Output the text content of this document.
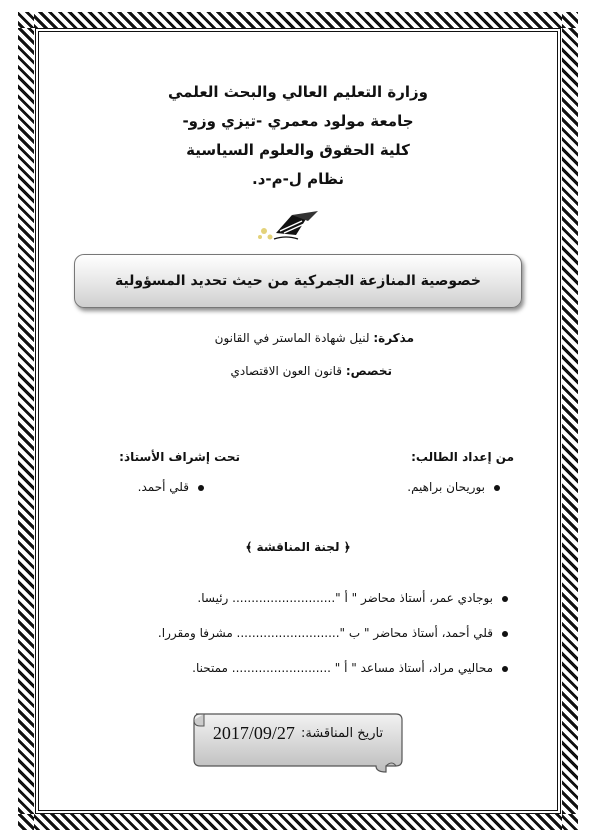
وزارة التعليم العالي والبحث العلمي
جامعة مولود معمري -تيزي وزو-
كلية الحقوق والعلوم السياسية
نظام ل-م-د.
خصوصية المنازعة الجمركية من حيث تحديد المسؤولية
مذكرة: لنيل شهادة الماستر في القانون
تخصص: قانون العون الاقتصادي
من إعداد الطالب:
تحت إشراف الأستاذ:
بوريحان براهيم.
قلي أحمد.
﴿ لجنة المناقشة ﴾
بوجادي عمر، أستاذ محاضر " أ "........................... رئيسا.
قلي أحمد، أستاذ محاضر " ب "........................... مشرفا ومقررا.
محاليي مراد، أستاذ مساعد " أ " .......................... ممتحنا.
تاريخ المناقشة:
2017/09/27
